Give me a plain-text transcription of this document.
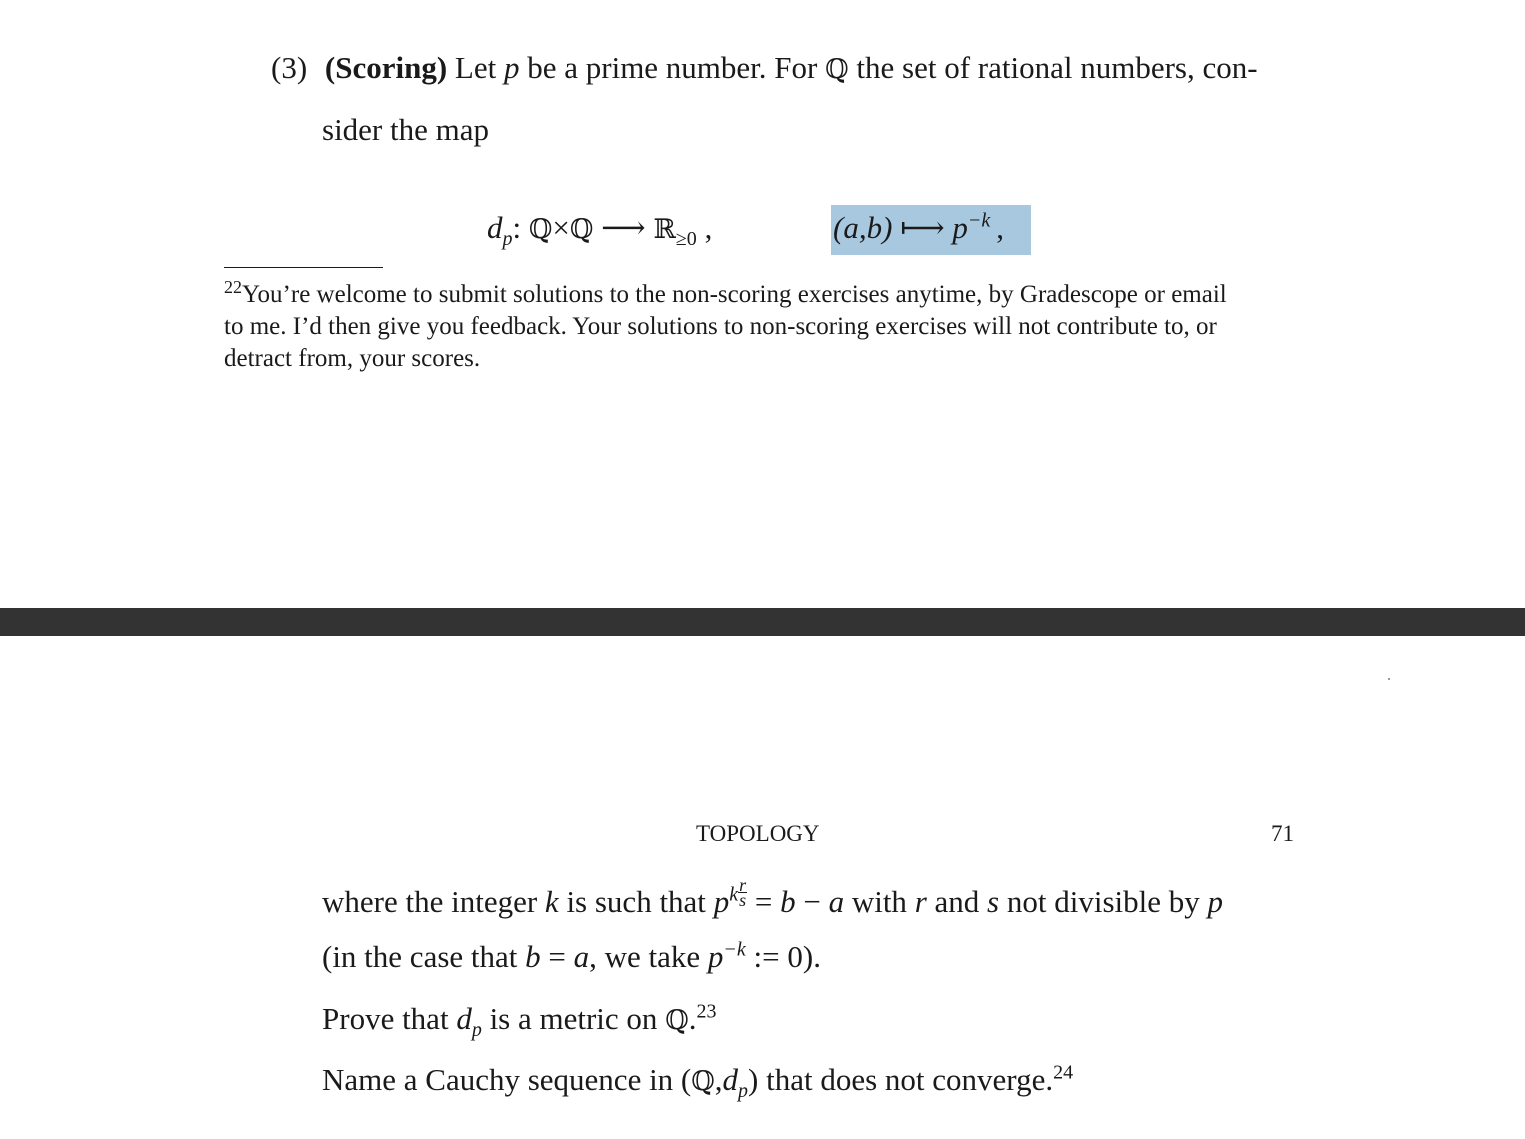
(3) (Scoring) Let p be a prime number. For ℚ the set of rational numbers, con-
sider the map
$d_p$: ℚ×ℚ ⟶ ℝ$_{\ge 0}$ ,	(a,b) ⟼ $p^{-k}$ ,
$^{22}$You’re welcome to submit solutions to the non-scoring exercises anytime, by Gradescope or email
to me. I’d then give you feedback. Your solutions to non-scoring exercises will not contribute to, or
detract from, your scores.
TOPOLOGY	71
where the integer k is such that $p^k \frac{r}{s} = b - a$ with r and s not divisible by p
(in the case that b = a, we take $p^{-k}$ := 0).
Prove that $d_p$ is a metric on ℚ.$^{23}$
Name a Cauchy sequence in $(ℚ,d_p)$ that does not converge.$^{24}$
